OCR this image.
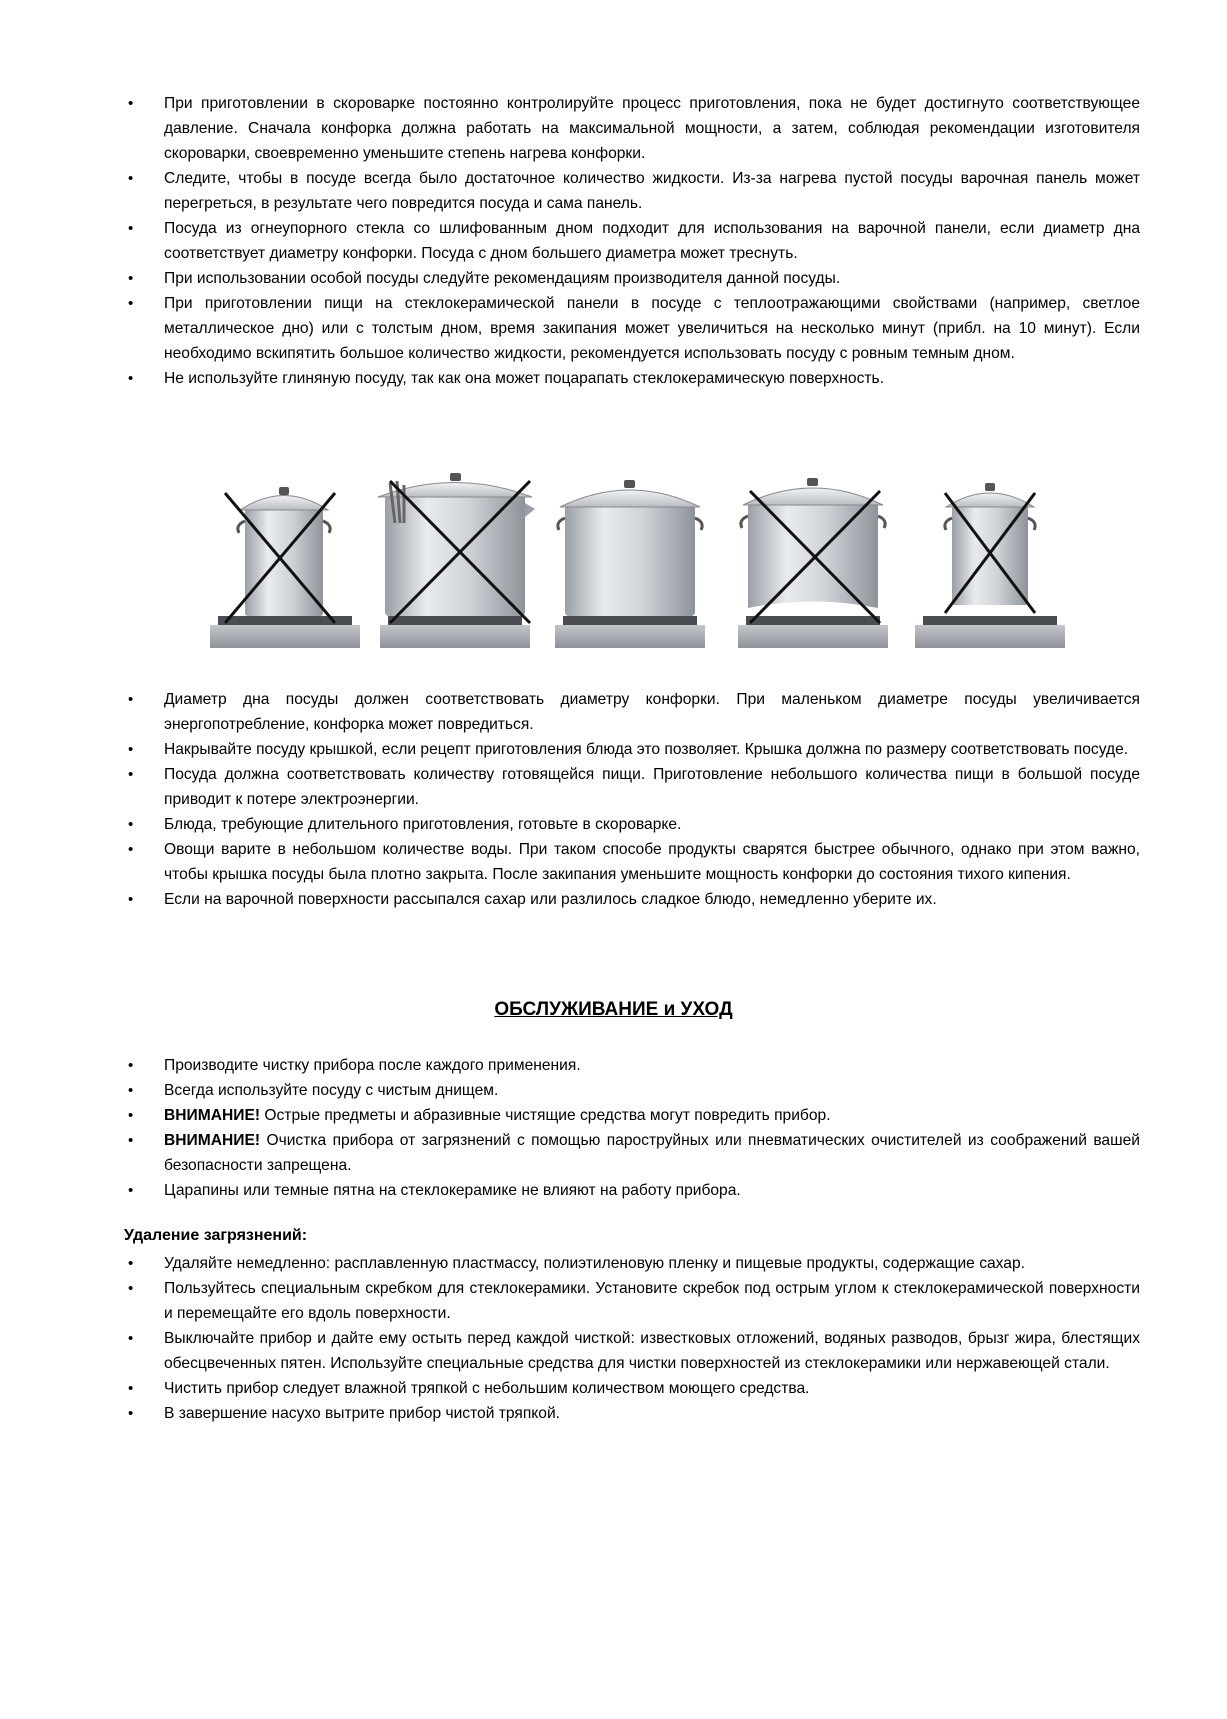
• При приготовлении в скороварке постоянно контролируйте процесс приготовления, пока не будет достигнуто соответствующее давление. Сначала конфорка должна работать на максимальной мощности, а затем, соблюдая рекомендации изготовителя скороварки, своевременно уменьшите степень нагрева конфорки.
• Следите, чтобы в посуде всегда было достаточное количество жидкости. Из-за нагрева пустой посуды варочная панель может перегреться, в результате чего повредится посуда и сама панель.
• Посуда из огнеупорного стекла со шлифованным дном подходит для использования на варочной панели, если диаметр дна соответствует диаметру конфорки. Посуда с дном большего диаметра может треснуть.
• При использовании особой посуды следуйте рекомендациям производителя данной посуды.
• При приготовлении пищи на стеклокерамической панели в посуде с теплоотражающими свойствами (например, светлое металлическое дно) или с толстым дном, время закипания может увеличиться на несколько минут (прибл. на 10 минут). Если необходимо вскипятить большое количество жидкости, рекомендуется использовать посуду с ровным темным дном.
• Не используйте глиняную посуду, так как она может поцарапать стеклокерамическую поверхность.
• Диаметр дна посуды должен соответствовать диаметру конфорки. При маленьком диаметре посуды увеличивается энергопотребление, конфорка может повредиться.
• Накрывайте посуду крышкой, если рецепт приготовления блюда это позволяет. Крышка должна по размеру соответствовать посуде.
• Посуда должна соответствовать количеству готовящейся пищи. Приготовление небольшого количества пищи в большой посуде приводит к потере электроэнергии.
• Блюда, требующие длительного приготовления, готовьте в скороварке.
• Овощи варите в небольшом количестве воды. При таком способе продукты сварятся быстрее обычного, однако при этом важно, чтобы крышка посуды была плотно закрыта. После закипания уменьшите мощность конфорки до состояния тихого кипения.
• Если на варочной поверхности рассыпался сахар или разлилось сладкое блюдо, немедленно уберите их.
ОБСЛУЖИВАНИЕ и УХОД
• Производите чистку прибора после каждого применения.
• Всегда используйте посуду с чистым днищем.
• ВНИМАНИЕ! Острые предметы и абразивные чистящие средства могут повредить прибор.
• ВНИМАНИЕ! Очистка прибора от загрязнений с помощью пароструйных или пневматических очистителей из соображений вашей безопасности запрещена.
• Царапины или темные пятна на стеклокерамике не влияют на работу прибора.
Удаление загрязнений:
• Удаляйте немедленно: расплавленную пластмассу, полиэтиленовую пленку и пищевые продукты, содержащие сахар.
• Пользуйтесь специальным скребком для стеклокерамики. Установите скребок под острым углом к стеклокерамической поверхности и перемещайте его вдоль поверхности.
• Выключайте прибор и дайте ему остыть перед каждой чисткой: известковых отложений, водяных разводов, брызг жира, блестящих обесцвеченных пятен. Используйте специальные средства для чистки поверхностей из стеклокерамики или нержавеющей стали.
• Чистить прибор следует влажной тряпкой с небольшим количеством моющего средства.
• В завершение насухо вытрите прибор чистой тряпкой.
